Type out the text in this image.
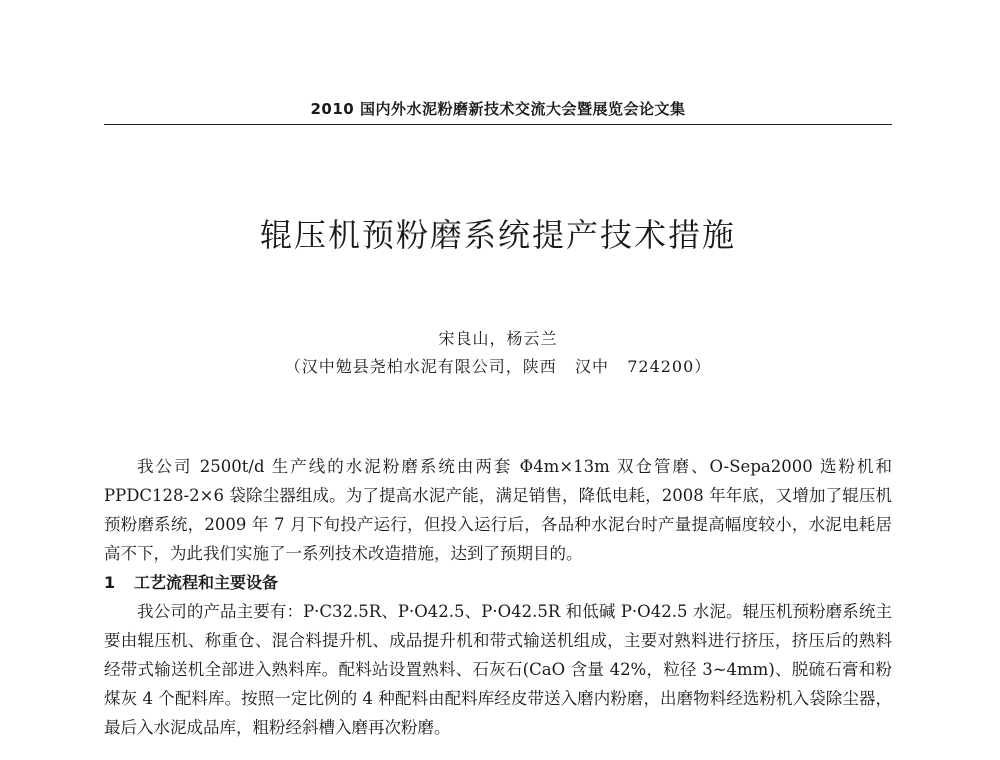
2010 国内外水泥粉磨新技术交流大会暨展览会论文集
辊压机预粉磨系统提产技术措施
宋良山，杨云兰
（汉中勉县尧柏水泥有限公司，陕西   汉中   724200）

我公司 2500t/d 生产线的水泥粉磨系统由两套 Φ4m×13m 双仓管磨、O-Sepa2000 选粉机和 PPDC128-2×6 袋除尘器组成。为了提高水泥产能，满足销售，降低电耗，2008 年年底，又增加了辊压机预粉磨系统，2009 年 7 月下旬投产运行，但投入运行后，各品种水泥台时产量提高幅度较小，水泥电耗居高不下，为此我们实施了一系列技术改造措施，达到了预期目的。

1 工艺流程和主要设备

我公司的产品主要有：P·C32.5R、P·O42.5、P·O42.5R 和低碱 P·O42.5 水泥。辊压机预粉磨系统主要由辊压机、称重仓、混合料提升机、成品提升机和带式输送机组成，主要对熟料进行挤压，挤压后的熟料经带式输送机全部进入熟料库。配料站设置熟料、石灰石(CaO 含量 42%，粒径 3~4mm)、脱硫石膏和粉煤灰 4 个配料库。按照一定比例的 4 种配料由配料库经皮带送入磨内粉磨，出磨物料经选粉机入袋除尘器，最后入水泥成品库，粗粉经斜槽入磨再次粉磨。
